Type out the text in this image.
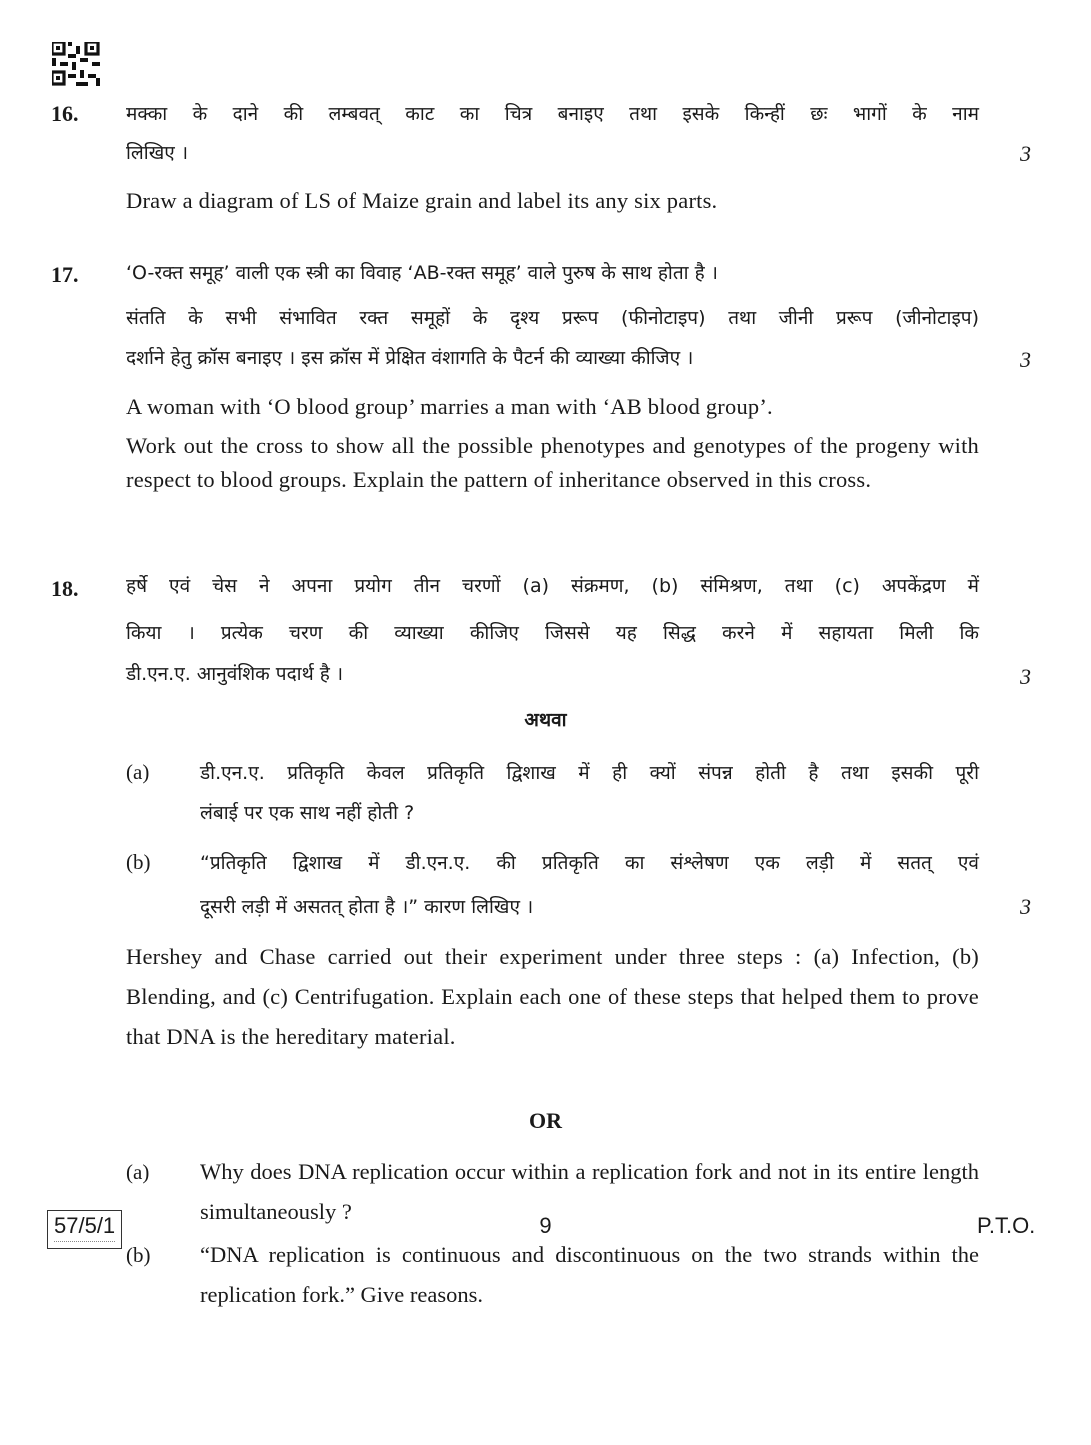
16.	मक्का के दाने की लम्बवत् काट का चित्र बनाइए तथा इसके किन्हीं छः भागों के नाम
लिखिए ।	3
Draw a diagram of LS of Maize grain and label its any six parts.
17.	‘O-रक्त समूह’ वाली एक स्त्री का विवाह ‘AB-रक्त समूह’ वाले पुरुष के साथ होता है ।
संतति के सभी संभावित रक्त समूहों के दृश्य प्ररूप (फीनोटाइप) तथा जीनी प्ररूप (जीनोटाइप)
दर्शाने हेतु क्रॉस बनाइए । इस क्रॉस में प्रेक्षित वंशागति के पैटर्न की व्याख्या कीजिए ।	3
A woman with ‘O blood group’ marries a man with ‘AB blood group’.
Work out the cross to show all the possible phenotypes and genotypes of the progeny with respect to blood groups. Explain the pattern of inheritance observed in this cross.
18.	हर्षे एवं चेस ने अपना प्रयोग तीन चरणों (a) संक्रमण, (b) संमिश्रण, तथा (c) अपकेंद्रण में
किया । प्रत्येक चरण की व्याख्या कीजिए जिससे यह सिद्ध करने में सहायता मिली कि
डी.एन.ए. आनुवंशिक पदार्थ है ।	3
अथवा
(a)	डी.एन.ए. प्रतिकृति केवल प्रतिकृति द्विशाख में ही क्यों संपन्न होती है तथा इसकी पूरी
लंबाई पर एक साथ नहीं होती ?
(b)	“प्रतिकृति द्विशाख में डी.एन.ए. की प्रतिकृति का संश्लेषण एक लड़ी में सतत् एवं
दूसरी लड़ी में असतत् होता है ।” कारण लिखिए ।	3
Hershey and Chase carried out their experiment under three steps : (a) Infection, (b) Blending, and (c) Centrifugation. Explain each one of these steps that helped them to prove that DNA is the hereditary material.
OR
(a) Why does DNA replication occur within a replication fork and not in its entire length simultaneously ?
(b) “DNA replication is continuous and discontinuous on the two strands within the replication fork.” Give reasons.
57/5/1	9	P.T.O.
